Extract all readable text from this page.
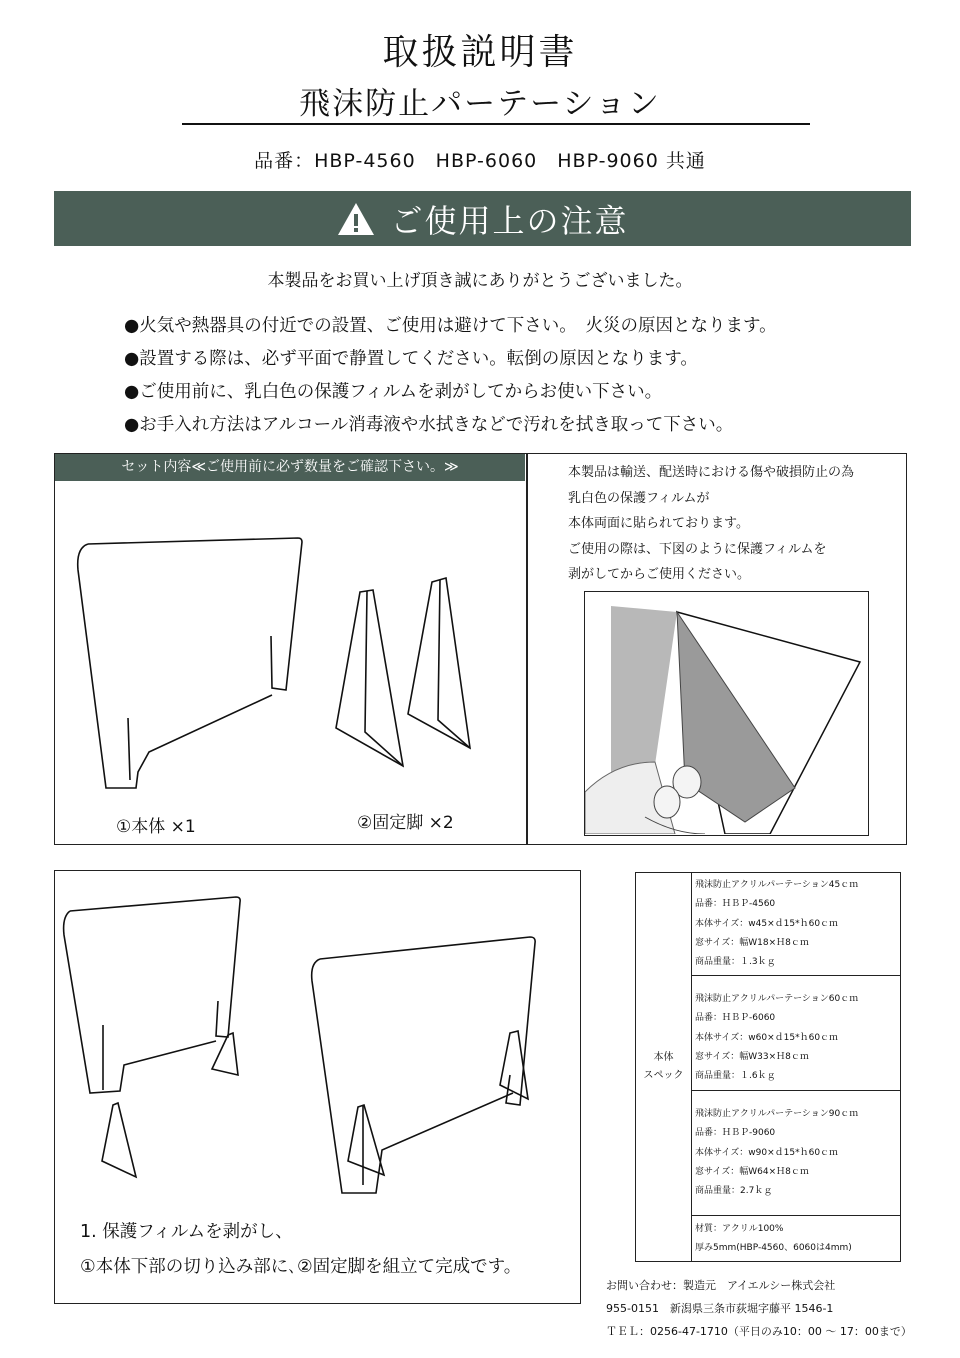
取扱説明書
飛沫防止パーテーション
品番：HBP-4560　HBP-6060　HBP-9060 共通
ご使用上の注意
本製品をお買い上げ頂き誠にありがとうございました。
●火気や熱器具の付近での設置、ご使用は避けて下さい。　火災の原因となります。
●設置する際は、必ず平面で静置してください。転倒の原因となります。
●ご使用前に、乳白色の保護フィルムを剥がしてからお使い下さい。
●お手入れ方法はアルコール消毒液や水拭きなどで汚れを拭き取って下さい。
セット内容≪ご使用前に必ず数量をご確認下さい。≫
①本体 ×1	②固定脚 ×2
本製品は輸送、配送時における傷や破損防止の為
乳白色の保護フィルムが
本体両面に貼られております。
ご使用の際は、下図のように保護フィルムを
剥がしてからご使用ください。
1. 保護フィルムを剥がし、
①本体下部の切り込み部に､②固定脚を組立て完成です。
本体
スペック
飛沫防止アクリルパーテーション45ｃｍ
品番：ＨＢＰ-4560
本体サイズ：w45×ｄ15*ｈ60ｃｍ
窓サイズ：幅W18×Ｈ8ｃｍ
商品重量：１.3ｋｇ
飛沫防止アクリルパーテーション60ｃｍ
品番：ＨＢＰ-6060
本体サイズ：w60×ｄ15*ｈ60ｃｍ
窓サイズ：幅W33×Ｈ8ｃｍ
商品重量：１.6ｋｇ
飛沫防止アクリルパーテーション90ｃｍ
品番：ＨＢＰ-9060
本体サイズ：w90×ｄ15*ｈ60ｃｍ
窓サイズ：幅W64×Ｈ8ｃｍ
商品重量：2.7ｋｇ
材質：アクリル100%
厚み5mm(HBP-4560、6060は4mm)
お問い合わせ：製造元　アイエルシー株式会社
955-0151　新潟県三条市荻堀字藤平 1546-1
ＴＥＬ：0256-47-1710（平日のみ10：00 ～ 17：00まで）
